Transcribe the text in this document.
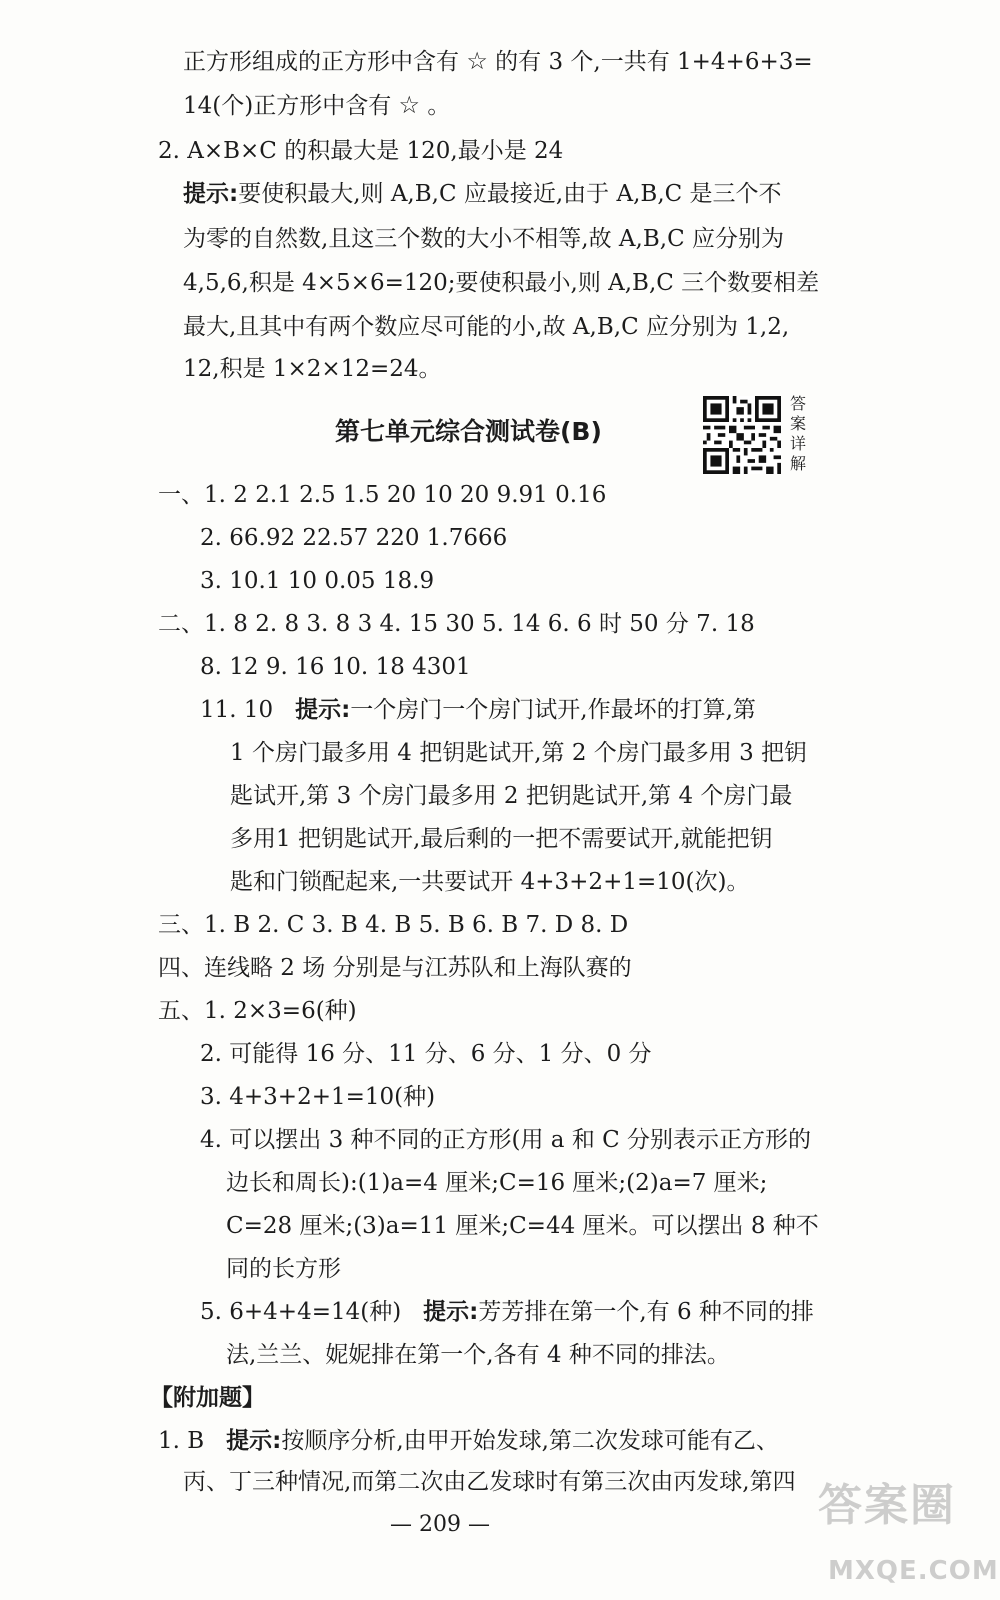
正方形组成的正方形中含有 ☆ 的有 3 个,一共有 1+4+6+3=
14(个)正方形中含有 ☆ 。
2. A×B×C 的积最大是 120,最小是 24
提示:要使积最大,则 A,B,C 应最接近,由于 A,B,C 是三个不
为零的自然数,且这三个数的大小不相等,故 A,B,C 应分别为
4,5,6,积是 4×5×6=120;要使积最小,则 A,B,C 三个数要相差
最大,且其中有两个数应尽可能的小,故 A,B,C 应分别为 1,2,
12,积是 1×2×12=24。
第七单元综合测试卷(B)
答
案
详
解
一、1. 2 2.1 2.5 1.5 20 10 20 9.91 0.16
2. 66.92 22.57 220 1.7666
3. 10.1 10 0.05 18.9
二、1. 8 2. 8 3. 8 3 4. 15 30 5. 14 6. 6 时 50 分 7. 18
8. 12 9. 16 10. 18 4301
11. 10 提示:一个房门一个房门试开,作最坏的打算,第
1 个房门最多用 4 把钥匙试开,第 2 个房门最多用 3 把钥
匙试开,第 3 个房门最多用 2 把钥匙试开,第 4 个房门最
多用1 把钥匙试开,最后剩的一把不需要试开,就能把钥
匙和门锁配起来,一共要试开 4+3+2+1=10(次)。
三、1. B 2. C 3. B 4. B 5. B 6. B 7. D 8. D
四、连线略 2 场 分别是与江苏队和上海队赛的
五、1. 2×3=6(种)
2. 可能得 16 分、11 分、6 分、1 分、0 分
3. 4+3+2+1=10(种)
4. 可以摆出 3 种不同的正方形(用 a 和 C 分别表示正方形的
边长和周长):(1)a=4 厘米;C=16 厘米;(2)a=7 厘米;
C=28 厘米;(3)a=11 厘米;C=44 厘米。可以摆出 8 种不
同的长方形
5. 6+4+4=14(种) 提示:芳芳排在第一个,有 6 种不同的排
法,兰兰、妮妮排在第一个,各有 4 种不同的排法。
【附加题】
1. B 提示:按顺序分析,由甲开始发球,第二次发球可能有乙、
丙、丁三种情况,而第二次由乙发球时有第三次由丙发球,第四
— 209 —	答案圈
MXQE.COM
